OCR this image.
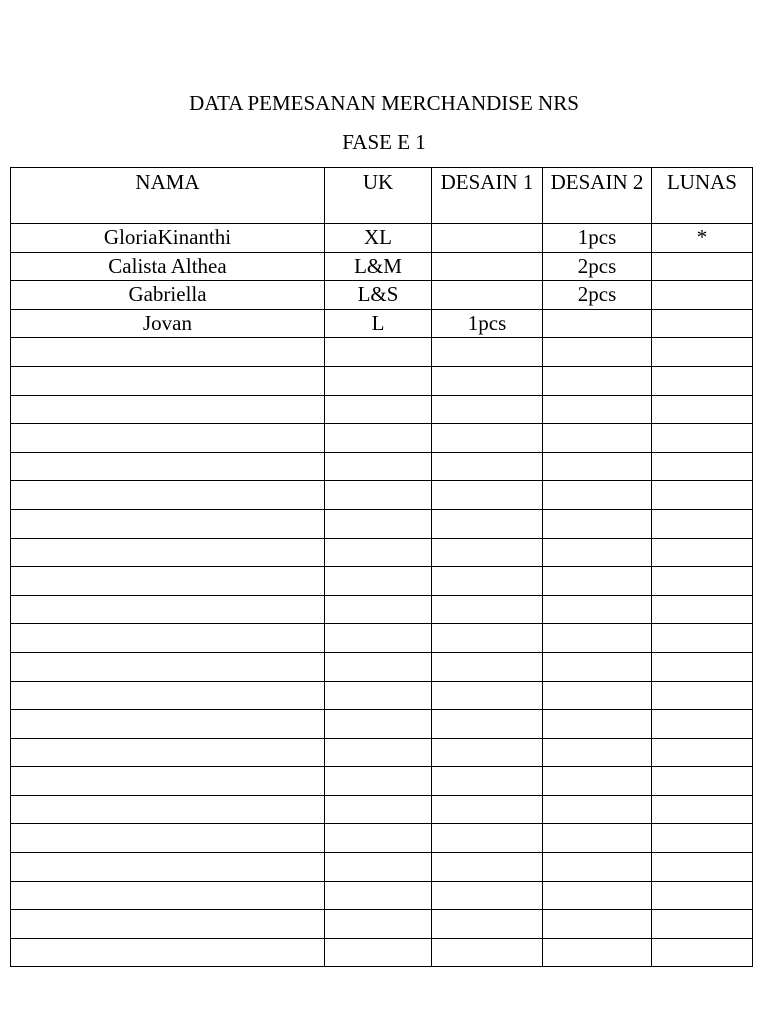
DATA PEMESANAN MERCHANDISE NRS
FASE E 1
NAMA	UK	DESAIN 1	DESAIN 2	LUNAS
GloriaKinanthi	XL		1pcs	*
Calista Althea	L&M		2pcs	
Gabriella	L&S		2pcs	
Jovan	L	1pcs		
